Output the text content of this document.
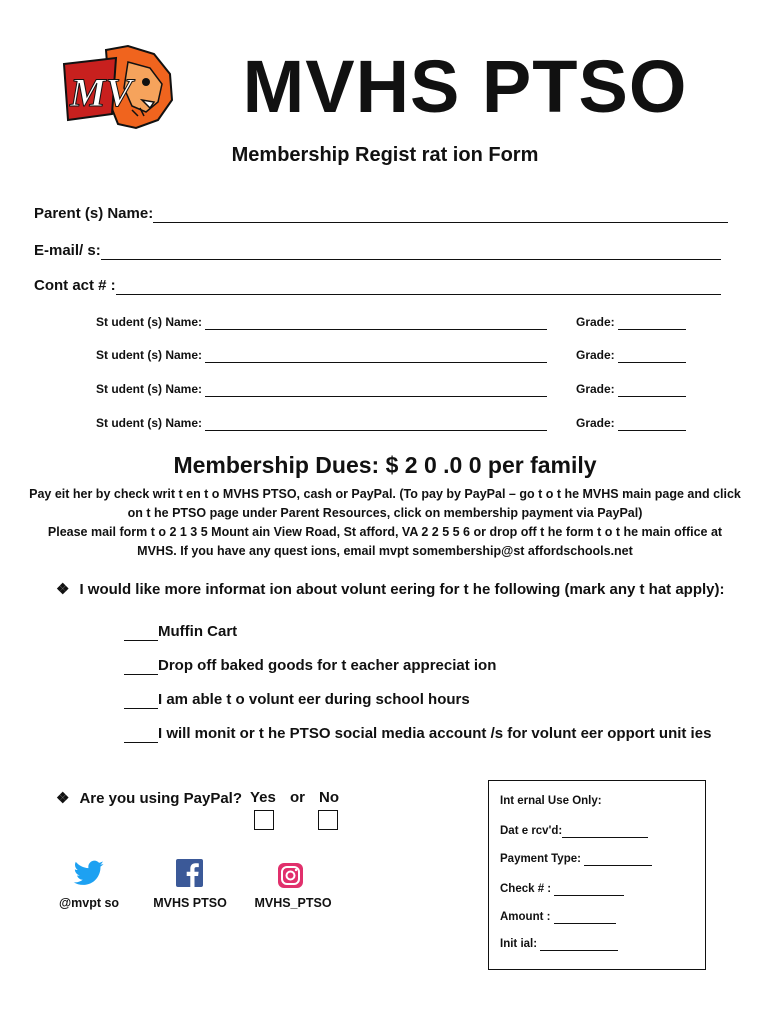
MV	MVHS PTSO
Membership Regist rat ion Form
Parent (s) Name:
E-mail/ s:
Cont act # :
St udent (s) Name:	Grade:
St udent (s) Name:	Grade:
St udent (s) Name:	Grade:
St udent (s) Name:	Grade:
Membership Dues: $ 2 0 .0 0 per family
Pay eit her by check writ t en t o MVHS PTSO, cash or PayPal. (To pay by PayPal – go t o t he MVHS main page and click
on t he PTSO page under Parent Resources, click on membership payment via PayPal)
Please mail form t o 2 1 3 5 Mount ain View Road, St afford, VA 2 2 5 5 6 or drop off t he form t o t he main office at
MVHS. If you have any quest ions, email mvpt somembership@st affordschools.net
❖ I would like more informat ion about volunt eering for t he following (mark any t hat apply):
Muffin Cart
Drop off baked goods for t eacher appreciat ion
I am able t o volunt eer during school hours
I will monit or t he PTSO social media account /s for volunt eer opport unit ies
❖ Are you using PayPal? Yes or No
@mvpt so	MVHS PTSO	MVHS_PTSO
Int ernal Use Only:
Dat e rcv'd:
Payment Type:
Check # :
Amount :
Init ial:
